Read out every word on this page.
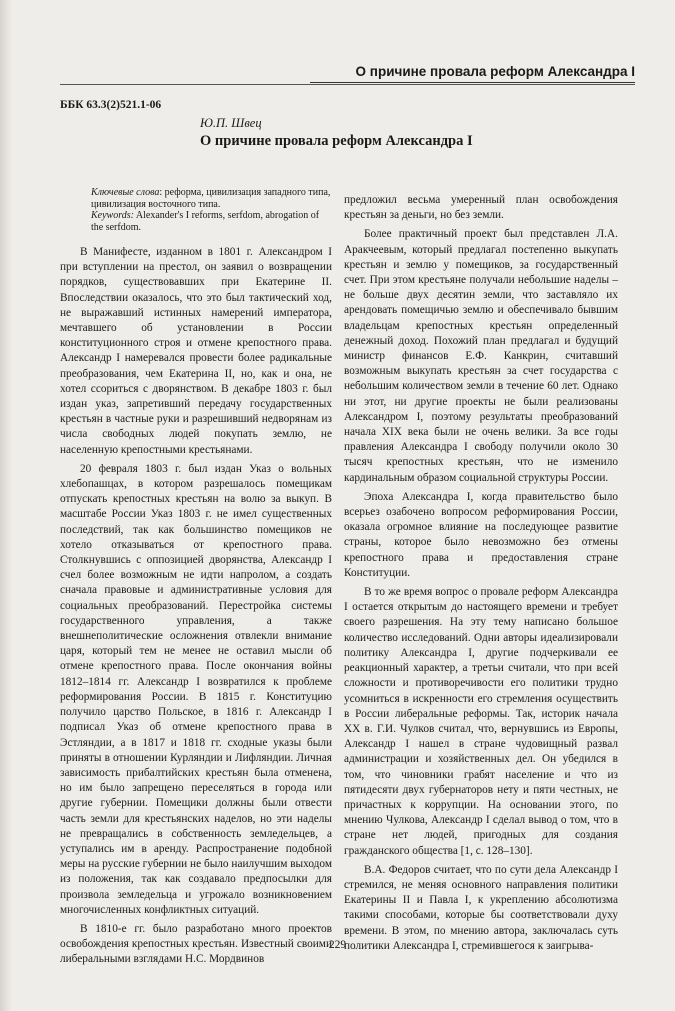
О причине провала реформ Александра I
ББК 63.3(2)521.1-06
Ю.П. Швец
О причине провала реформ Александра I
Ключевые слова: реформа, цивилизация западного типа, цивилизация восточного типа.
Keywords: Alexander's I reforms, serfdom, abrogation of the serfdom.

В Манифесте, изданном в 1801 г. Александром I при вступлении на престол, он заявил о возвращении порядков, существовавших при Екатерине II. Впоследствии оказалось, что это был тактический ход, не выражавший истинных намерений императора, мечтавшего об установлении в России конституционного строя и отмене крепостного права. Александр I намеревался провести более радикальные преобразования, чем Екатерина II, но, как и она, не хотел ссориться с дворянством. В декабре 1803 г. был издан указ, запретивший передачу государственных крестьян в частные руки и разрешивший недворянам из числа свободных людей покупать землю, не населенную крепостными крестьянами.

20 февраля 1803 г. был издан Указ о вольных хлебопашцах, в котором разрешалось помещикам отпускать крепостных крестьян на волю за выкуп. В масштабе России Указ 1803 г. не имел существенных последствий, так как большинство помещиков не хотело отказываться от крепостного права. Столкнувшись с оппозицией дворянства, Александр I счел более возможным не идти напролом, а создать сначала правовые и административные условия для социальных преобразований. Перестройка системы государственного управления, а также внешнеполитические осложнения отвлекли внимание царя, который тем не менее не оставил мысли об отмене крепостного права. После окончания войны 1812–1814 гг. Александр I возвратился к проблеме реформирования России. В 1815 г. Конституцию получило царство Польское, в 1816 г. Александр I подписал Указ об отмене крепостного права в Эстляндии, а в 1817 и 1818 гг. сходные указы были приняты в отношении Курляндии и Лифляндии. Личная зависимость прибалтийских крестьян была отменена, но им было запрещено переселяться в города или другие губернии. Помещики должны были отвести часть земли для крестьянских наделов, но эти наделы не превращались в собственность земледельцев, а уступались им в аренду. Распространение подобной меры на русские губернии не было наилучшим выходом из положения, так как создавало предпосылки для произвола земледельца и угрожало возникновением многочисленных конфликтных ситуаций.

В 1810-е гг. было разработано много проектов освобождения крепостных крестьян. Известный своими либеральными взглядами Н.С. Мордвинов

предложил весьма умеренный план освобождения крестьян за деньги, но без земли.

Более практичный проект был представлен Л.А. Аракчеевым, который предлагал постепенно выкупать крестьян и землю у помещиков, за государственный счет. При этом крестьяне получали небольшие наделы – не больше двух десятин земли, что заставляло их арендовать помещичью землю и обеспечивало бывшим владельцам крепостных крестьян определенный денежный доход. Похожий план предлагал и будущий министр финансов Е.Ф. Канкрин, считавший возможным выкупать крестьян за счет государства с небольшим количеством земли в течение 60 лет. Однако ни этот, ни другие проекты не были реализованы Александром I, поэтому результаты преобразований начала XIX века были не очень велики. За все годы правления Александра I свободу получили около 30 тысяч крепостных крестьян, что не изменило кардинальным образом социальной структуры России.

Эпоха Александра I, когда правительство было всерьез озабочено вопросом реформирования России, оказала огромное влияние на последующее развитие страны, которое было невозможно без отмены крепостного права и предоставления стране Конституции.

В то же время вопрос о провале реформ Александра I остается открытым до настоящего времени и требует своего разрешения. На эту тему написано большое количество исследований. Одни авторы идеализировали политику Александра I, другие подчеркивали ее реакционный характер, а третьи считали, что при всей сложности и противоречивости его политики трудно усомниться в искренности его стремления осуществить в России либеральные реформы. Так, историк начала XX в. Г.И. Чулков считал, что, вернувшись из Европы, Александр I нашел в стране чудовищный развал администрации и хозяйственных дел. Он убедился в том, что чиновники грабят население и что из пятидесяти двух губернаторов нету и пяти честных, не причастных к коррупции. На основании этого, по мнению Чулкова, Александр I сделал вывод о том, что в стране нет людей, пригодных для создания гражданского общества [1, с. 128–130].

В.А. Федоров считает, что по сути дела Александр I стремился, не меняя основного направления политики Екатерины II и Павла I, к укреплению абсолютизма такими способами, которые бы соответствовали духу времени. В этом, по мнению автора, заключалась суть политики Александра I, стремившегося к заигрыва-

229
